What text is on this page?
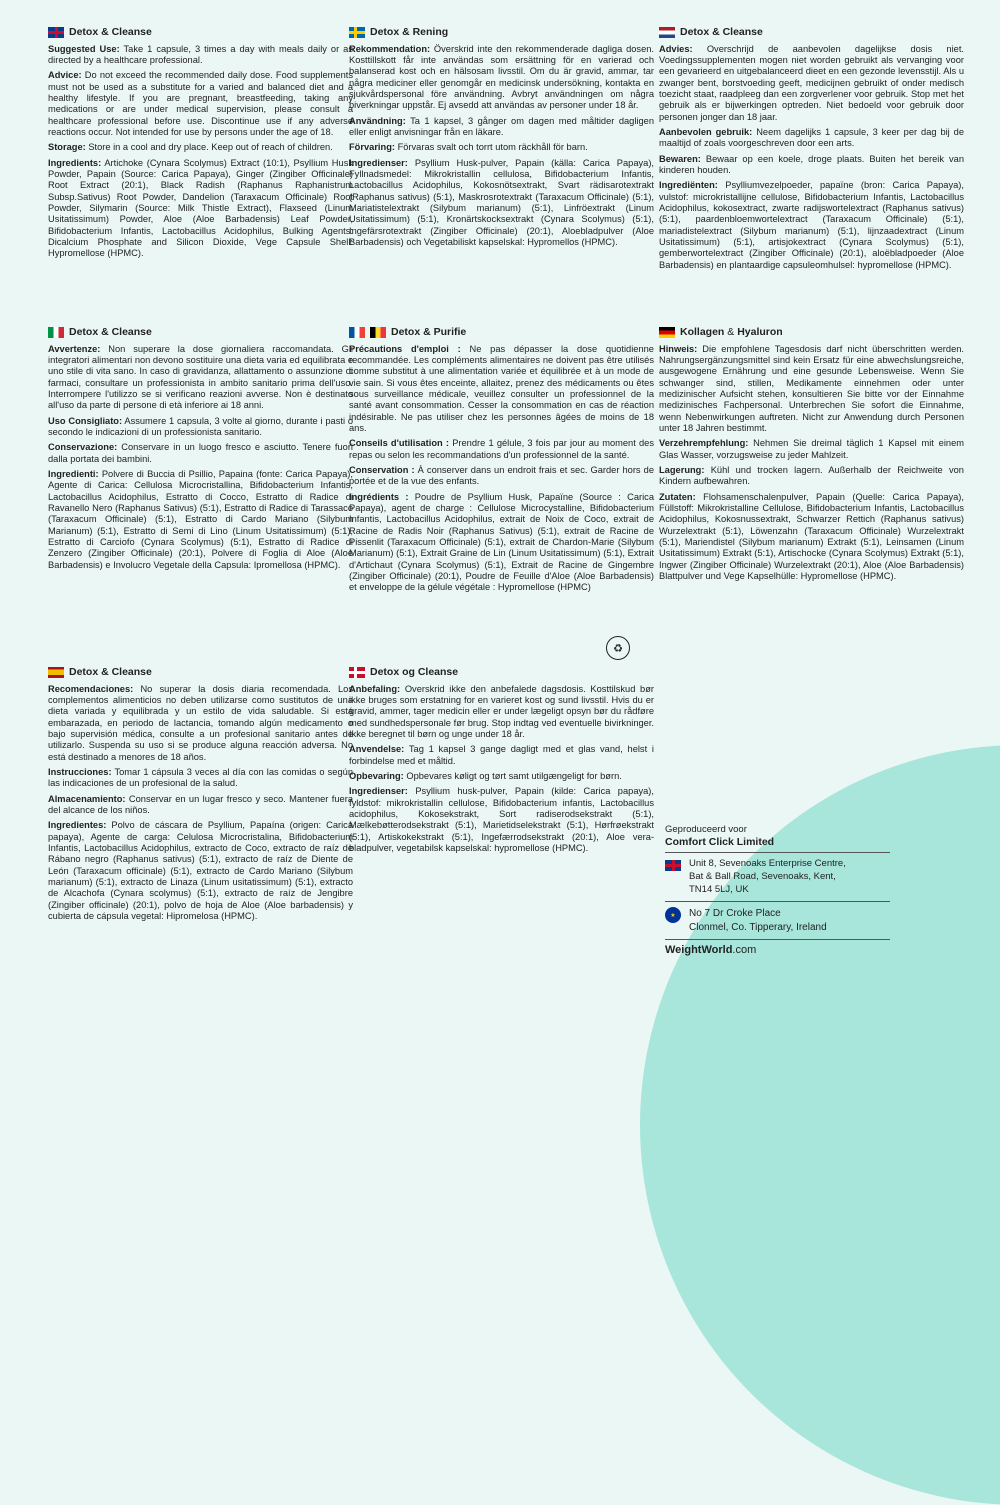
Detox & Cleanse

Suggested Use: Take 1 capsule, 3 times a day with meals daily or as directed by a healthcare professional.

Advice: Do not exceed the recommended daily dose. Food supplements must not be used as a substitute for a varied and balanced diet and a healthy lifestyle. If you are pregnant, breastfeeding, taking any medications or are under medical supervision, please consult a healthcare professional before use. Discontinue use if any adverse reactions occur. Not intended for use by persons under the age of 18.

Storage: Store in a cool and dry place. Keep out of reach of children.

Ingredients: Artichoke (Cynara Scolymus) Extract (10:1), Psyllium Husk Powder, Papain (Source: Carica Papaya), Ginger (Zingiber Officinale) Root Extract (20:1), Black Radish (Raphanus Raphanistrum Subsp.Sativus) Root Powder, Dandelion (Taraxacum Officinale) Root Powder, Silymarin (Source: Milk Thistle Extract), Flaxseed (Linum Usitatissimum) Powder, Aloe (Aloe Barbadensis) Leaf Powder, Bifidobacterium Infantis, Lactobacillus Acidophilus, Bulking Agents: Dicalcium Phosphate and Silicon Dioxide, Vege Capsule Shell: Hypromellose (HPMC).

Detox & Rening

Rekommendation: Överskrid inte den rekommenderade dagliga dosen. Kosttillskott får inte användas som ersättning för en varierad och balanserad kost och en hälsosam livsstil. Om du är gravid, ammar, tar några mediciner eller genomgår en medicinsk undersökning, kontakta en sjukvårdspersonal före användning. Avbryt användningen om några biverkningar uppstår. Ej avsedd att användas av personer under 18 år.

Användning: Ta 1 kapsel, 3 gånger om dagen med måltider dagligen eller enligt anvisningar från en läkare.

Förvaring: Förvaras svalt och torrt utom räckhåll för barn.

Ingredienser: Psyllium Husk-pulver, Papain (källa: Carica Papaya), Fyllnadsmedel: Mikrokristallin cellulosa, Bifidobacterium Infantis, Lactobacillus Acidophilus, Kokosnötsextrakt, Svart rädisarotextrakt (Raphanus sativus) (5:1), Maskrosrotextrakt (Taraxacum Officinale) (5:1), Mariatistelextrakt (Silybum marianum) (5:1), Linfröextrakt (Linum Usitatissimum) (5:1), Kronärtskocksextrakt (Cynara Scolymus) (5:1), Ingefärsrotextrakt (Zingiber Officinale) (20:1), Aloebladpulver (Aloe Barbadensis) och Vegetabiliskt kapselskal: Hypromellos (HPMC).

Detox & Cleanse

Advies: Overschrijd de aanbevolen dagelijkse dosis niet. Voedingssupplementen mogen niet worden gebruikt als vervanging voor een gevarieerd en uitgebalanceerd dieet en een gezonde levensstijl. Als u zwanger bent, borstvoeding geeft, medicijnen gebruikt of onder medisch toezicht staat, raadpleeg dan een zorgverlener voor gebruik. Stop met het gebruik als er bijwerkingen optreden. Niet bedoeld voor gebruik door personen jonger dan 18 jaar.

Aanbevolen gebruik: Neem dagelijks 1 capsule, 3 keer per dag bij de maaltijd of zoals voorgeschreven door een arts.

Bewaren: Bewaar op een koele, droge plaats. Buiten het bereik van kinderen houden.

Ingrediënten: Psylliumvezelpoeder, papaïne (bron: Carica Papaya), vulstof: microkristallijne cellulose, Bifidobacterium Infantis, Lactobacillus Acidophilus, kokosextract, zwarte radijswortelextract (Raphanus sativus) (5:1), paardenbloemwortelextract (Taraxacum Officinale) (5:1), mariadistelextract (Silybum marianum) (5:1), lijnzaadextract (Linum Usitatissimum) (5:1), artisjokextract (Cynara Scolymus) (5:1), gemberwortelextract (Zingiber Officinale) (20:1), aloëbladpoeder (Aloe Barbadensis) en plantaardige capsuleomhulsel: hypromellose (HPMC).

Detox & Cleanse

Avvertenze: Non superare la dose giornaliera raccomandata. Gli integratori alimentari non devono sostituire una dieta varia ed equilibrata e uno stile di vita sano. In caso di gravidanza, allattamento o assunzione di farmaci, consultare un professionista in ambito sanitario prima dell'uso. Interrompere l'utilizzo se si verificano reazioni avverse. Non è destinato all'uso da parte di persone di età inferiore ai 18 anni.

Uso Consigliato: Assumere 1 capsula, 3 volte al giorno, durante i pasti o secondo le indicazioni di un professionista sanitario.

Conservazione: Conservare in un luogo fresco e asciutto. Tenere fuori dalla portata dei bambini.

Ingredienti: Polvere di Buccia di Psillio, Papaina (fonte: Carica Papaya), Agente di Carica: Cellulosa Microcristallina, Bifidobacterium Infantis, Lactobacillus Acidophilus, Estratto di Cocco, Estratto di Radice di Ravanello Nero (Raphanus Sativus) (5:1), Estratto di Radice di Tarassaco (Taraxacum Officinale) (5:1), Estratto di Cardo Mariano (Silybum Marianum) (5:1), Estratto di Semi di Lino (Linum Usitatissimum) (5:1), Estratto di Carciofo (Cynara Scolymus) (5:1), Estratto di Radice di Zenzero (Zingiber Officinale) (20:1), Polvere di Foglia di Aloe (Aloe Barbadensis) e Involucro Vegetale della Capsula: Ipromellosa (HPMC).

Detox & Purifie

Précautions d'emploi : Ne pas dépasser la dose quotidienne recommandée. Les compléments alimentaires ne doivent pas être utilisés comme substitut à une alimentation variée et équilibrée et à un mode de vie sain. Si vous êtes enceinte, allaitez, prenez des médicaments ou êtes sous surveillance médicale, veuillez consulter un professionnel de la santé avant consommation. Cesser la consommation en cas de réaction indésirable. Ne pas utiliser chez les personnes âgées de moins de 18 ans.

Conseils d'utilisation : Prendre 1 gélule, 3 fois par jour au moment des repas ou selon les recommandations d'un professionnel de la santé.

Conservation : À conserver dans un endroit frais et sec. Garder hors de portée et de la vue des enfants.

Ingrédients : Poudre de Psyllium Husk, Papaïne (Source : Carica Papaya), agent de charge : Cellulose Microcystalline, Bifidobacterium Infantis, Lactobacillus Acidophilus, extrait de Noix de Coco, extrait de Racine de Radis Noir (Raphanus Sativus) (5:1), extrait de Racine de Pissenlit (Taraxacum Officinale) (5:1), extrait de Chardon-Marie (Silybum Marianum) (5:1), Extrait Graine de Lin (Linum Usitatissimum) (5:1), Extrait d'Artichaut (Cynara Scolymus) (5:1), Extrait de Racine de Gingembre (Zingiber Officinale) (20:1), Poudre de Feuille d'Aloe (Aloe Barbadensis) et enveloppe de la gélule végétale : Hypromellose (HPMC)

♻
Kollagen & Hyaluron

Hinweis: Die empfohlene Tagesdosis darf nicht überschritten werden. Nahrungsergänzungsmittel sind kein Ersatz für eine abwechslungsreiche, ausgewogene Ernährung und eine gesunde Lebensweise. Wenn Sie schwanger sind, stillen, Medikamente einnehmen oder unter medizinischer Aufsicht stehen, konsultieren Sie bitte vor der Einnahme medizinisches Fachpersonal. Unterbrechen Sie sofort die Einnahme, wenn Nebenwirkungen auftreten. Nicht zur Anwendung durch Personen unter 18 Jahren bestimmt.

Verzehrempfehlung: Nehmen Sie dreimal täglich 1 Kapsel mit einem Glas Wasser, vorzugsweise zu jeder Mahlzeit.

Lagerung: Kühl und trocken lagern. Außerhalb der Reichweite von Kindern aufbewahren.

Zutaten: Flohsamenschalenpulver, Papain (Quelle: Carica Papaya), Füllstoff: Mikrokristalline Cellulose, Bifidobacterium Infantis, Lactobacillus Acidophilus, Kokosnussextrakt, Schwarzer Rettich (Raphanus sativus) Wurzelextrakt (5:1), Löwenzahn (Taraxacum Officinale) Wurzelextrakt (5:1), Mariendistel (Silybum marianum) Extrakt (5:1), Leinsamen (Linum Usitatissimum) Extrakt (5:1), Artischocke (Cynara Scolymus) Extrakt (5:1), Ingwer (Zingiber Officinale) Wurzelextrakt (20:1), Aloe (Aloe Barbadensis) Blattpulver und Vege Kapselhülle: Hypromellose (HPMC).

Detox & Cleanse

Recomendaciones: No superar la dosis diaria recomendada. Los complementos alimenticios no deben utilizarse como sustitutos de una dieta variada y equilibrada y un estilo de vida saludable. Si está embarazada, en periodo de lactancia, tomando algún medicamento o bajo supervisión médica, consulte a un profesional sanitario antes de utilizarlo. Suspenda su uso si se produce alguna reacción adversa. No está destinado a menores de 18 años.

Instrucciones: Tomar 1 cápsula 3 veces al día con las comidas o según las indicaciones de un profesional de la salud.

Almacenamiento: Conservar en un lugar fresco y seco. Mantener fuera del alcance de los niños.

Ingredientes: Polvo de cáscara de Psyllium, Papaína (origen: Carica papaya), Agente de carga: Celulosa Microcristalina, Bifidobacterium Infantis, Lactobacillus Acidophilus, extracto de Coco, extracto de raíz de Rábano negro (Raphanus sativus) (5:1), extracto de raíz de Diente de León (Taraxacum officinale) (5:1), extracto de Cardo Mariano (Silybum marianum) (5:1), extracto de Linaza (Linum usitatissimum) (5:1), extracto de Alcachofa (Cynara scolymus) (5:1), extracto de raíz de Jengibre (Zingiber officinale) (20:1), polvo de hoja de Aloe (Aloe barbadensis) y cubierta de cápsula vegetal: Hipromelosa (HPMC).

Detox og Cleanse

Anbefaling: Overskrid ikke den anbefalede dagsdosis. Kosttilskud bør ikke bruges som erstatning for en varieret kost og sund livsstil. Hvis du er gravid, ammer, tager medicin eller er under lægeligt opsyn bør du rådføre med sundhedspersonale før brug. Stop indtag ved eventuelle bivirkninger. Ikke beregnet til børn og unge under 18 år.

Anvendelse: Tag 1 kapsel 3 gange dagligt med et glas vand, helst i forbindelse med et måltid.

Opbevaring: Opbevares køligt og tørt samt utilgængeligt for børn.

Ingredienser: Psyllium husk-pulver, Papain (kilde: Carica papaya), fyldstof: mikrokristallin cellulose, Bifidobacterium infantis, Lactobacillus acidophilus, Kokosekstrakt, Sort radiserodsekstrakt (5:1), Mælkebøtterodsekstrakt (5:1), Marietidselekstrakt (5:1), Hørfrøekstrakt (5:1), Artiskokekstrakt (5:1), Ingefærrodsekstrakt (20:1), Aloe vera-bladpulver, vegetabilsk kapselskal: hypromellose (HPMC).

Geproduceerd voor
Comfort Click Limited
Unit 8, Sevenoaks Enterprise Centre,
Bat & Ball Road, Sevenoaks, Kent,
TN14 5LJ, UK
★	No 7 Dr Croke Place
Clonmel, Co. Tipperary, Ireland
WeightWorld.com
